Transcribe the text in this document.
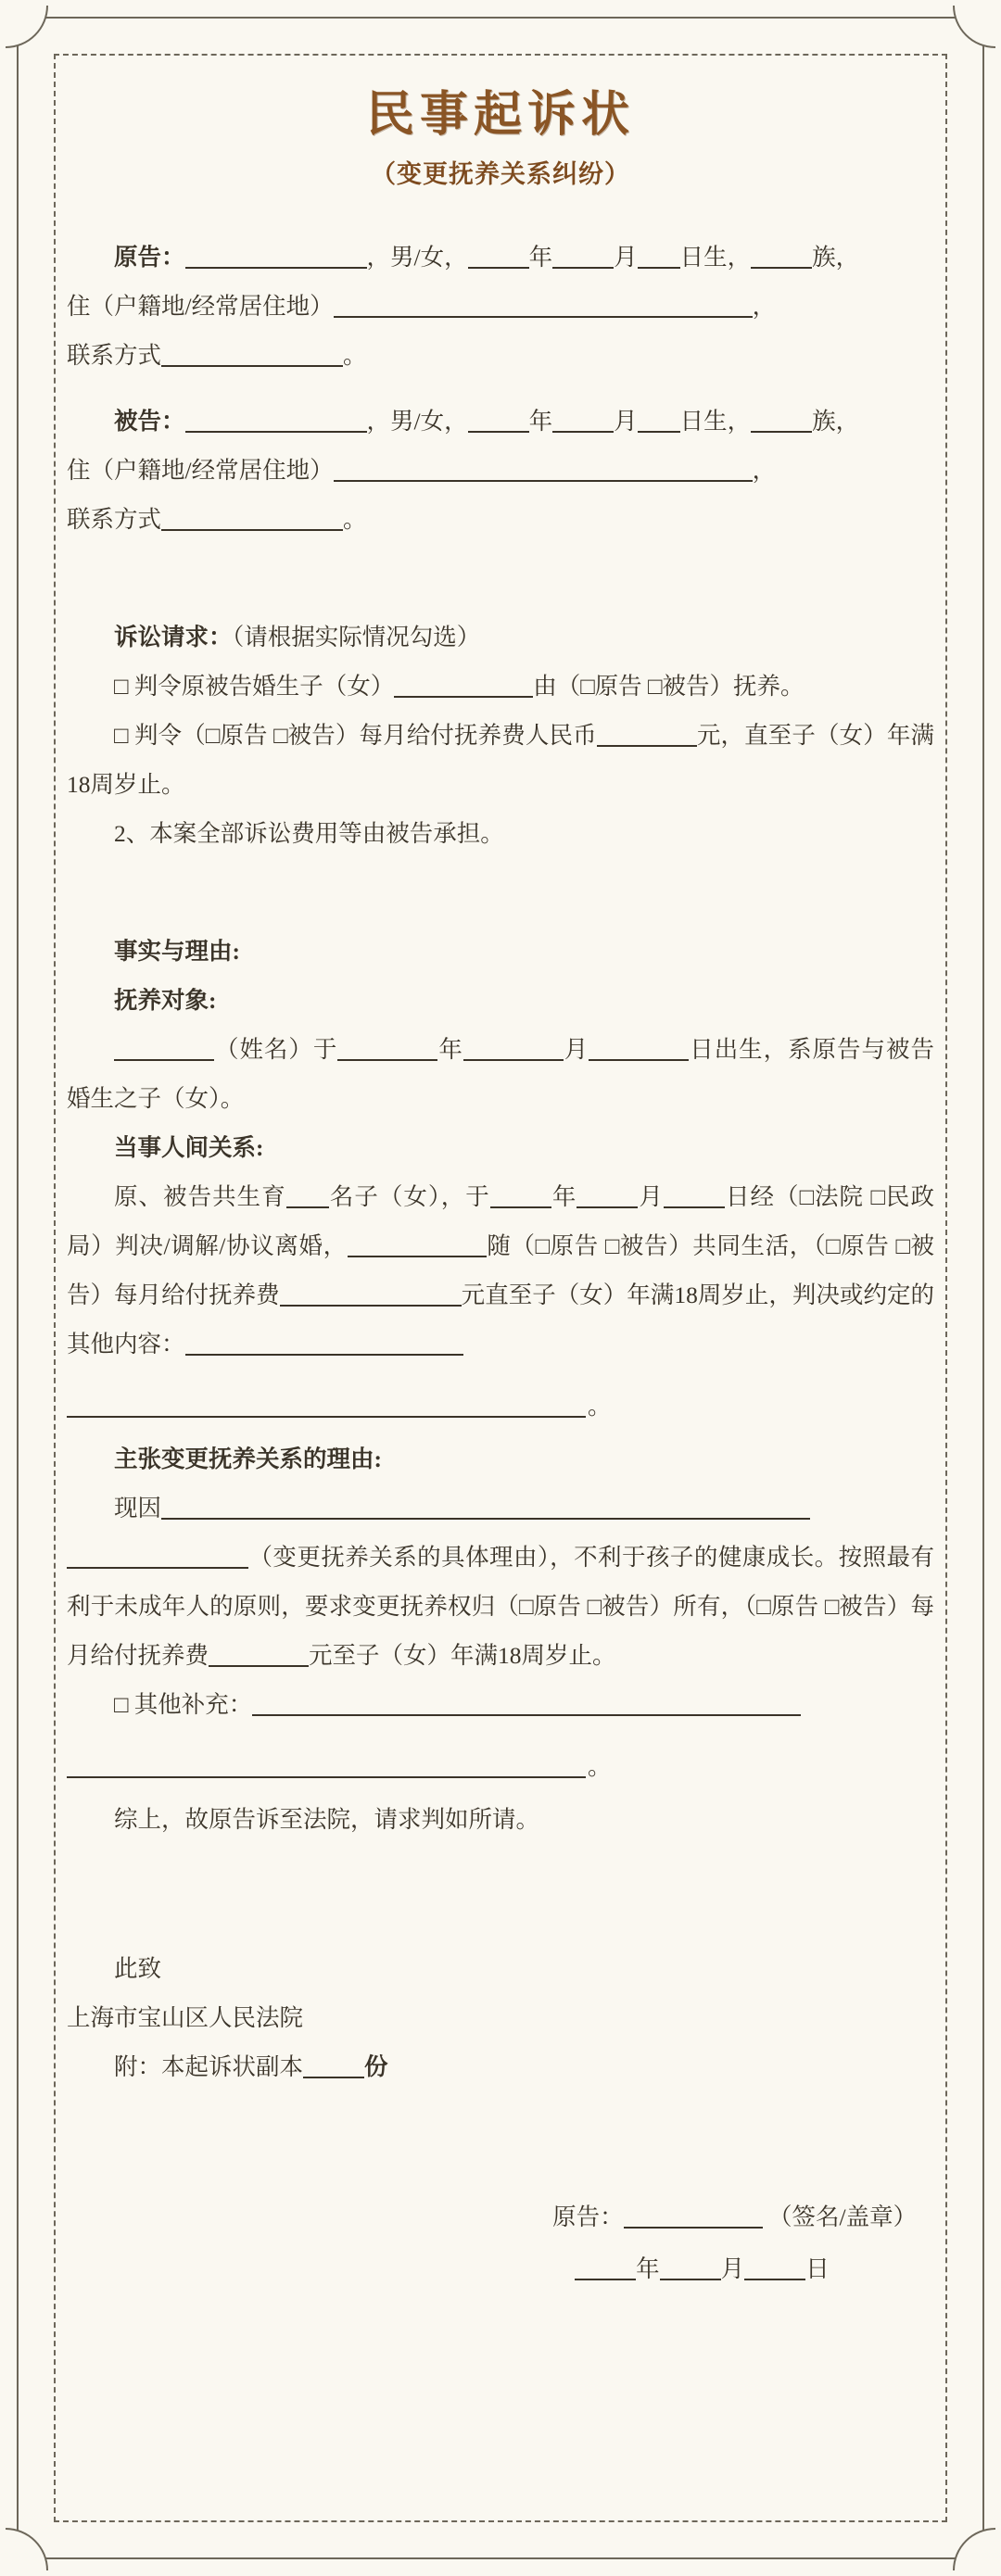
民事起诉状
（变更抚养关系纠纷）

原告：	，男/女，	年	月 日生，	族，

住（户籍地/经常居住地）	，

联系方式	。

被告：	，男/女，	年	月 日生，	族，

住（户籍地/经常居住地）	，

联系方式	。

诉讼请求：（请根据实际情况勾选）

□ 判令原被告婚生子（女）	由（□原告 □被告）抚养。

□ 判令（□原告 □被告）每月给付抚养费人民币	元，直至子（女）年满18周岁止。

2、本案全部诉讼费用等由被告承担。

事实与理由:

抚养对象:

（姓名）于	年	月	日出生，系原告与被告婚生之子（女）。

当事人间关系:

原、被告共生育 名子（女），于	年	月	日经（□法院 □民政局）判决/调解/协议离婚，	随（□原告 □被告）共同生活，（□原告 □被告）每月给付抚养费	元直至子（女）年满18周岁止，判决或约定的其他内容：

。

主张变更抚养关系的理由:

现因

（变更抚养关系的具体理由），不利于孩子的健康成长。按照最有利于未成年人的原则，要求变更抚养权归（□原告 □被告）所有，（□原告 □被告）每月给付抚养费	元至子（女）年满18周岁止。

□ 其他补充：

。

综上，故原告诉至法院，请求判如所请。

此致

上海市宝山区人民法院

附：本起诉状副本	份

原告：	（签名/盖章）
年	月	日
